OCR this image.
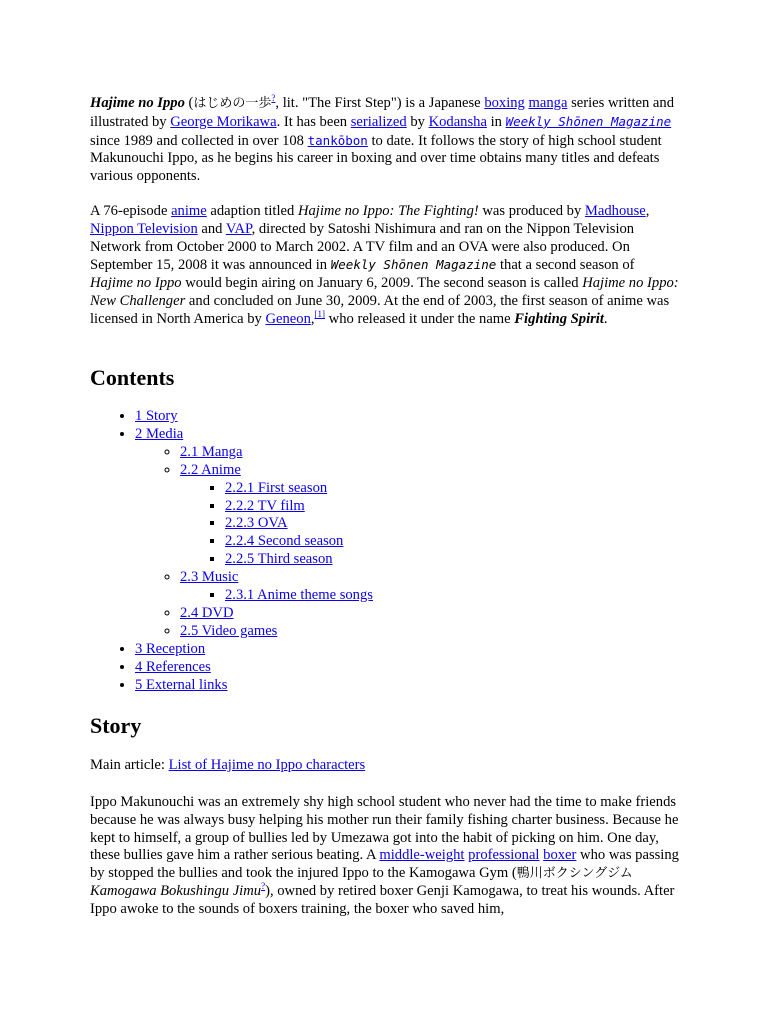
Hajime no Ippo (はじめの一歩?, lit. "The First Step") is a Japanese boxing manga series written and illustrated by George Morikawa. It has been serialized by Kodansha in Weekly Shōnen Magazine since 1989 and collected in over 108 tankōbon to date. It follows the story of high school student Makunouchi Ippo, as he begins his career in boxing and over time obtains many titles and defeats various opponents.

A 76-episode anime adaption titled Hajime no Ippo: The Fighting! was produced by Madhouse, Nippon Television and VAP, directed by Satoshi Nishimura and ran on the Nippon Television Network from October 2000 to March 2002. A TV film and an OVA were also produced. On September 15, 2008 it was announced in Weekly Shōnen Magazine that a second season of Hajime no Ippo would begin airing on January 6, 2009. The second season is called Hajime no Ippo: New Challenger and concluded on June 30, 2009. At the end of 2003, the first season of anime was licensed in North America by Geneon,[1] who released it under the name Fighting Spirit.

Contents
• 1 Story
• 2 Media
◦ 2.1 Manga
◦ 2.2 Anime
▪ 2.2.1 First season
▪ 2.2.2 TV film
▪ 2.2.3 OVA
▪ 2.2.4 Second season
▪ 2.2.5 Third season
◦ 2.3 Music
▪ 2.3.1 Anime theme songs
◦ 2.4 DVD
◦ 2.5 Video games
• 3 Reception
• 4 References
• 5 External links
Story

Main article: List of Hajime no Ippo characters

Ippo Makunouchi was an extremely shy high school student who never had the time to make friends because he was always busy helping his mother run their family fishing charter business. Because he kept to himself, a group of bullies led by Umezawa got into the habit of picking on him. One day, these bullies gave him a rather serious beating. A middle-weight professional boxer who was passing by stopped the bullies and took the injured Ippo to the Kamogawa Gym (鴨川ボクシングジム Kamogawa Bokushingu Jimu?), owned by retired boxer Genji Kamogawa, to treat his wounds. After Ippo awoke to the sounds of boxers training, the boxer who saved him,
